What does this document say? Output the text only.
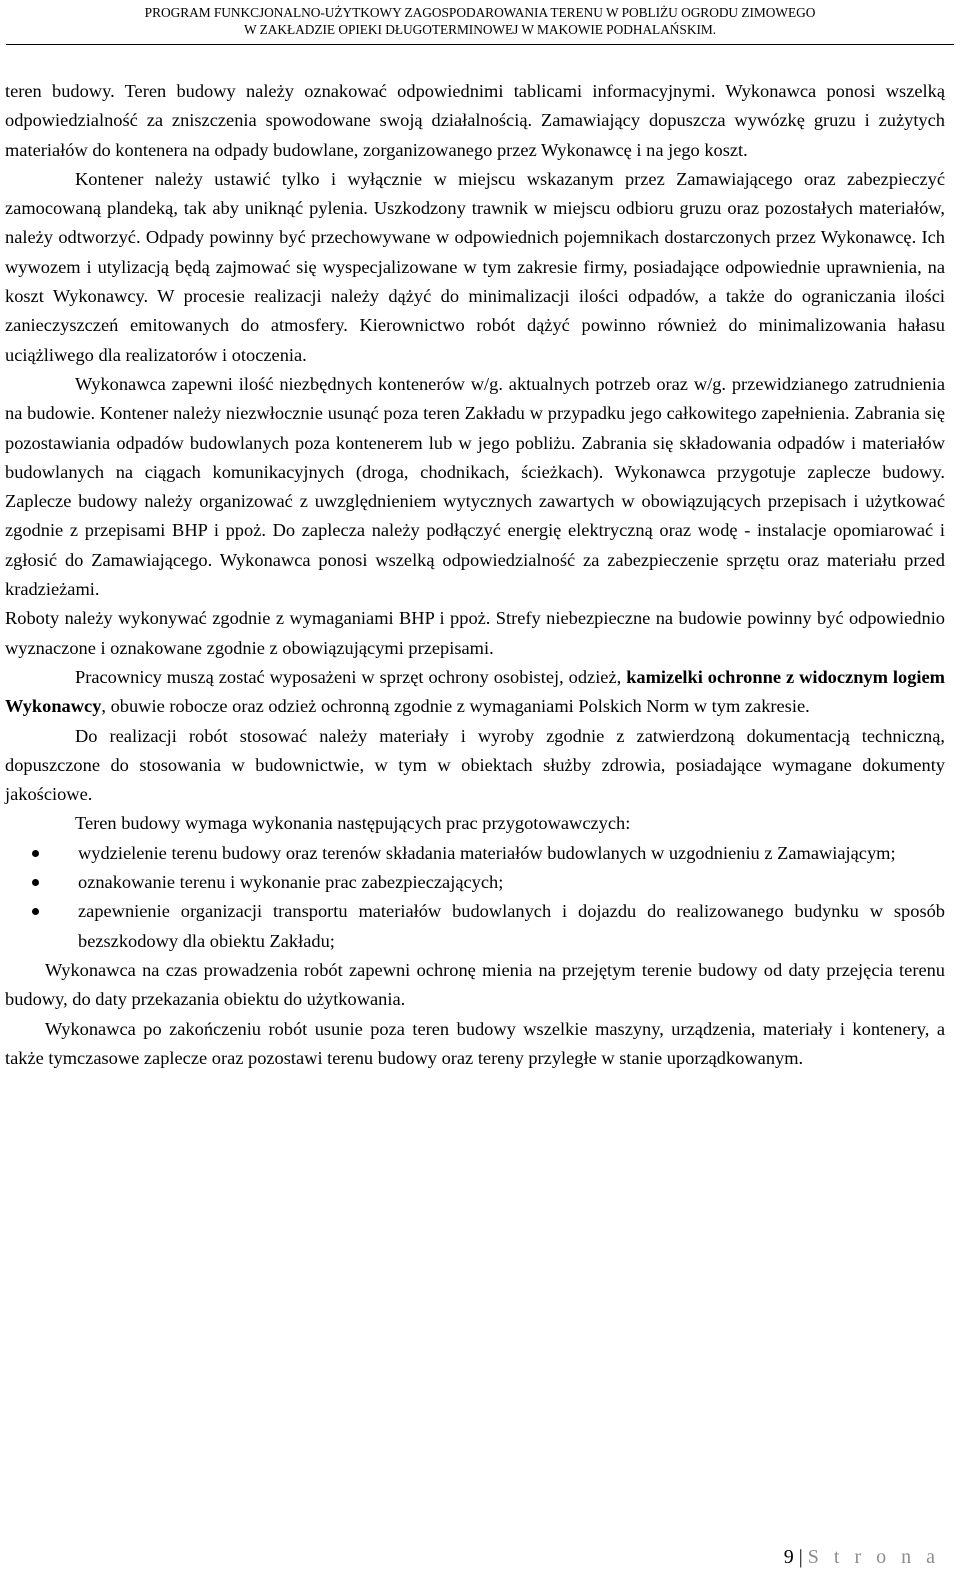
PROGRAM FUNKCJONALNO-UŻYTKOWY ZAGOSPODAROWANIA TERENU W POBLIŻU OGRODU ZIMOWEGO
W ZAKŁADZIE OPIEKI DŁUGOTERMINOWEJ W MAKOWIE PODHALAŃSKIM.

teren budowy. Teren budowy należy oznakować odpowiednimi tablicami informacyjnymi. Wykonawca ponosi wszelką odpowiedzialność za zniszczenia spowodowane swoją działalnością. Zamawiający dopuszcza wywózkę gruzu i zużytych materiałów do kontenera na odpady budowlane, zorganizowanego przez Wykonawcę i na jego koszt.

Kontener należy ustawić tylko i wyłącznie w miejscu wskazanym przez Zamawiającego oraz zabezpieczyć zamocowaną plandeką, tak aby uniknąć pylenia. Uszkodzony trawnik w miejscu odbioru gruzu oraz pozostałych materiałów, należy odtworzyć. Odpady powinny być przechowywane w odpowiednich pojemnikach dostarczonych przez Wykonawcę. Ich wywozem i utylizacją będą zajmować się wyspecjalizowane w tym zakresie firmy, posiadające odpowiednie uprawnienia, na koszt Wykonawcy. W procesie realizacji należy dążyć do minimalizacji ilości odpadów, a także do ograniczania ilości zanieczyszczeń emitowanych do atmosfery. Kierownictwo robót dążyć powinno również do minimalizowania hałasu uciążliwego dla realizatorów i otoczenia.

Wykonawca zapewni ilość niezbędnych kontenerów w/g. aktualnych potrzeb oraz w/g. przewidzianego zatrudnienia na budowie. Kontener należy niezwłocznie usunąć poza teren Zakładu w przypadku jego całkowitego zapełnienia. Zabrania się pozostawiania odpadów budowlanych poza kontenerem lub w jego pobliżu. Zabrania się składowania odpadów i materiałów budowlanych na ciągach komunikacyjnych (droga, chodnikach, ścieżkach). Wykonawca przygotuje zaplecze budowy. Zaplecze budowy należy organizować z uwzględnieniem wytycznych zawartych w obowiązujących przepisach i użytkować zgodnie z przepisami BHP i ppoż. Do zaplecza należy podłączyć energię elektryczną oraz wodę - instalacje opomiarować i zgłosić do Zamawiającego. Wykonawca ponosi wszelką odpowiedzialność za zabezpieczenie sprzętu oraz materiału przed kradzieżami.

Roboty należy wykonywać zgodnie z wymaganiami BHP i ppoż. Strefy niebezpieczne na budowie powinny być odpowiednio wyznaczone i oznakowane zgodnie z obowiązującymi przepisami.

Pracownicy muszą zostać wyposażeni w sprzęt ochrony osobistej, odzież, kamizelki ochronne z widocznym logiem Wykonawcy, obuwie robocze oraz odzież ochronną zgodnie z wymaganiami Polskich Norm w tym zakresie.

Do realizacji robót stosować należy materiały i wyroby zgodnie z zatwierdzoną dokumentacją techniczną, dopuszczone do stosowania w budownictwie, w tym w obiektach służby zdrowia, posiadające wymagane dokumenty jakościowe.

Teren budowy wymaga wykonania następujących prac przygotowawczych:

wydzielenie terenu budowy oraz terenów składania materiałów budowlanych w uzgodnieniu z Zamawiającym;
oznakowanie terenu i wykonanie prac zabezpieczających;
zapewnienie organizacji transportu materiałów budowlanych i dojazdu do realizowanego budynku w sposób bezszkodowy dla obiektu Zakładu;

Wykonawca na czas prowadzenia robót zapewni ochronę mienia na przejętym terenie budowy od daty przejęcia terenu budowy, do daty przekazania obiektu do użytkowania.

Wykonawca po zakończeniu robót usunie poza teren budowy wszelkie maszyny, urządzenia, materiały i kontenery, a także tymczasowe zaplecze oraz pozostawi terenu budowy oraz tereny przyległe w stanie uporządkowanym.

9 | S t r o n a
